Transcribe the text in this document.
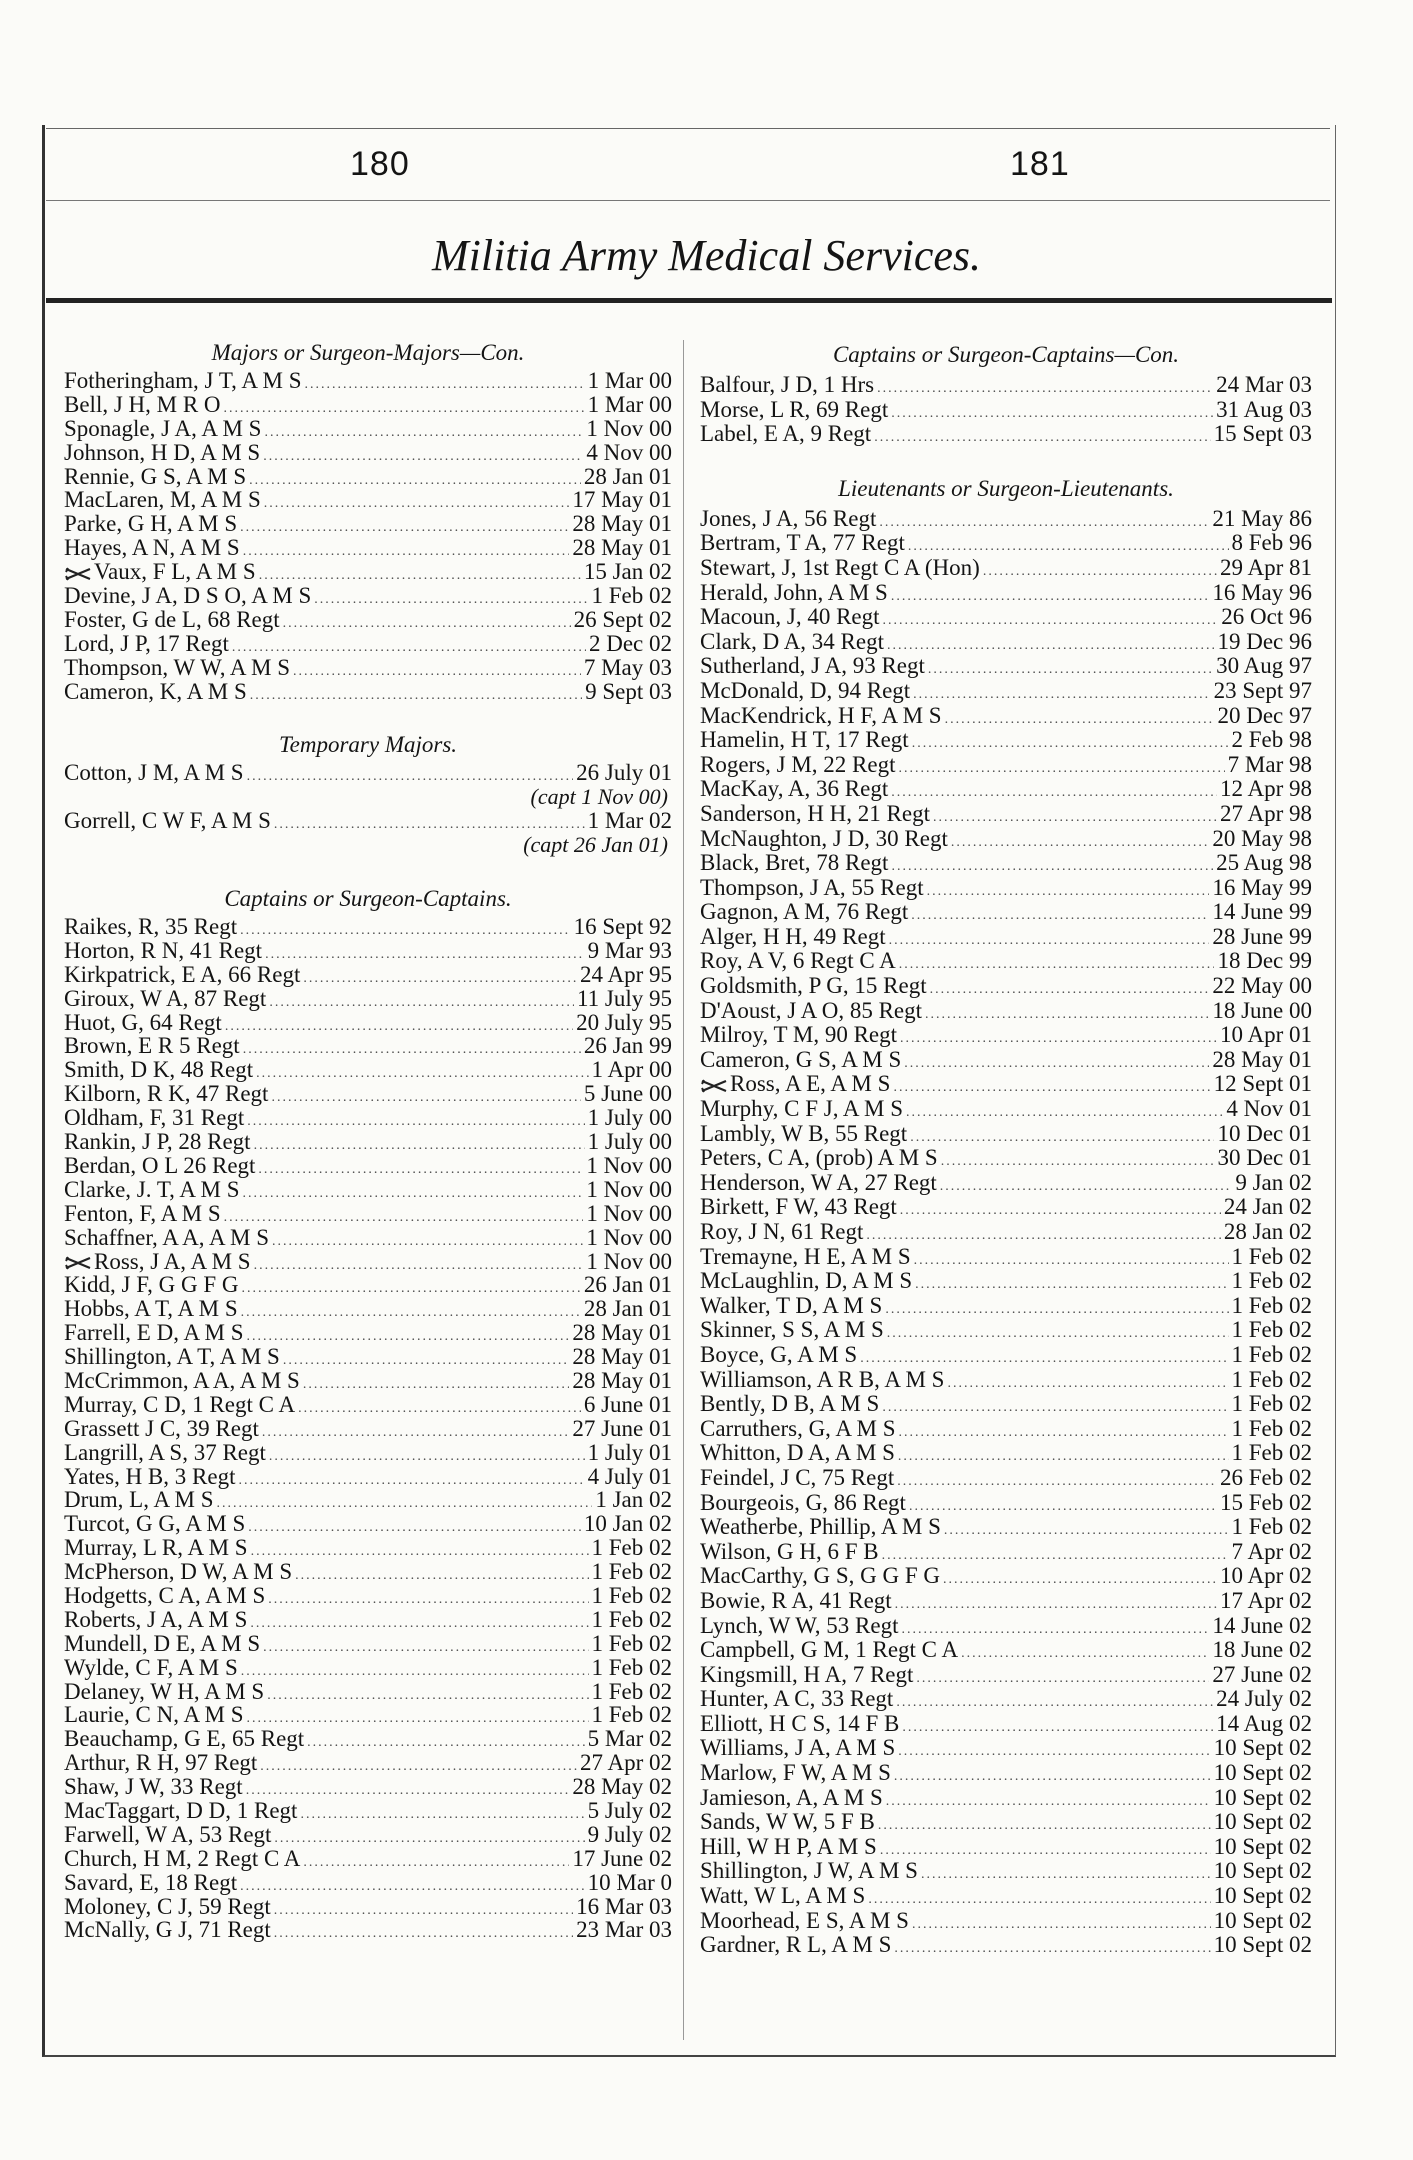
180	181
Militia Army Medical Services.
Majors or Surgeon-Majors—Con.
Fotheringham, J T, A M S .....	1 Mar 00
Bell, J H, M R O .....	1 Mar 00
Sponagle, J A, A M S .....	1 Nov 00
Johnson, H D, A M S .....	4 Nov 00
Rennie, G S, A M S .....	28 Jan 01
MacLaren, M, A M S .....	17 May 01
Parke, G H, A M S .....	28 May 01
Hayes, A N, A M S .....	28 May 01
Vaux, F L, A M S .....	15 Jan 02
Devine, J A, D S O, A M S .....	1 Feb 02
Foster, G de L, 68 Regt .....	26 Sept 02
Lord, J P, 17 Regt .....	2 Dec 02
Thompson, W W, A M S .....	7 May 03
Cameron, K, A M S .....	9 Sept 03
Temporary Majors.
Cotton, J M, A M S .....	26 July 01
(capt 1 Nov 00)
Gorrell, C W F, A M S .....	1 Mar 02
(capt 26 Jan 01)
Captains or Surgeon-Captains.
Raikes, R, 35 Regt .....	16 Sept 92
Horton, R N, 41 Regt .....	9 Mar 93
Kirkpatrick, E A, 66 Regt .....	24 Apr 95
Giroux, W A, 87 Regt .....	11 July 95
Huot, G, 64 Regt .....	20 July 95
Brown, E R 5 Regt .....	26 Jan 99
Smith, D K, 48 Regt .....	1 Apr 00
Kilborn, R K, 47 Regt .....	5 June 00
Oldham, F, 31 Regt .....	1 July 00
Rankin, J P, 28 Regt .....	1 July 00
Berdan, O L 26 Regt .....	1 Nov 00
Clarke, J. T, A M S .....	1 Nov 00
Fenton, F, A M S .....	1 Nov 00
Schaffner, A A, A M S .....	1 Nov 00
Ross, J A, A M S .....	1 Nov 00
Kidd, J F, G G F G .....	26 Jan 01
Hobbs, A T, A M S .....	28 Jan 01
Farrell, E D, A M S .....	28 May 01
Shillington, A T, A M S .....	28 May 01
McCrimmon, A A, A M S .....	28 May 01
Murray, C D, 1 Regt C A .....	6 June 01
Grassett J C, 39 Regt .....	27 June 01
Langrill, A S, 37 Regt .....	1 July 01
Yates, H B, 3 Regt .....	4 July 01
Drum, L, A M S .....	1 Jan 02
Turcot, G G, A M S .....	10 Jan 02
Murray, L R, A M S .....	1 Feb 02
McPherson, D W, A M S .....	1 Feb 02
Hodgetts, C A, A M S .....	1 Feb 02
Roberts, J A, A M S .....	1 Feb 02
Mundell, D E, A M S .....	1 Feb 02
Wylde, C F, A M S .....	1 Feb 02
Delaney, W H, A M S .....	1 Feb 02
Laurie, C N, A M S .....	1 Feb 02
Beauchamp, G E, 65 Regt .....	5 Mar 02
Arthur, R H, 97 Regt .....	27 Apr 02
Shaw, J W, 33 Regt .....	28 May 02
MacTaggart, D D, 1 Regt .....	5 July 02
Farwell, W A, 53 Regt .....	9 July 02
Church, H M, 2 Regt C A .....	17 June 02
Savard, E, 18 Regt .....	10 Mar 0
Moloney, C J, 59 Regt .....	16 Mar 03
McNally, G J, 71 Regt .....	23 Mar 03
Captains or Surgeon-Captains—Con.
Balfour, J D, 1 Hrs .....	24 Mar 03
Morse, L R, 69 Regt .....	31 Aug 03
Label, E A, 9 Regt .....	15 Sept 03
Lieutenants or Surgeon-Lieutenants.
Jones, J A, 56 Regt .....	21 May 86
Bertram, T A, 77 Regt .....	8 Feb 96
Stewart, J, 1st Regt C A (Hon) .....	29 Apr 81
Herald, John, A M S .....	16 May 96
Macoun, J, 40 Regt .....	26 Oct 96
Clark, D A, 34 Regt .....	19 Dec 96
Sutherland, J A, 93 Regt .....	30 Aug 97
McDonald, D, 94 Regt .....	23 Sept 97
MacKendrick, H F, A M S .....	20 Dec 97
Hamelin, H T, 17 Regt .....	2 Feb 98
Rogers, J M, 22 Regt .....	7 Mar 98
MacKay, A, 36 Regt .....	12 Apr 98
Sanderson, H H, 21 Regt .....	27 Apr 98
McNaughton, J D, 30 Regt .....	20 May 98
Black, Bret, 78 Regt .....	25 Aug 98
Thompson, J A, 55 Regt .....	16 May 99
Gagnon, A M, 76 Regt .....	14 June 99
Alger, H H, 49 Regt .....	28 June 99
Roy, A V, 6 Regt C A .....	18 Dec 99
Goldsmith, P G, 15 Regt .....	22 May 00
D'Aoust, J A O, 85 Regt .....	18 June 00
Milroy, T M, 90 Regt .....	10 Apr 01
Cameron, G S, A M S .....	28 May 01
Ross, A E, A M S .....	12 Sept 01
Murphy, C F J, A M S .....	4 Nov 01
Lambly, W B, 55 Regt .....	10 Dec 01
Peters, C A, (prob) A M S .....	30 Dec 01
Henderson, W A, 27 Regt .....	9 Jan 02
Birkett, F W, 43 Regt .....	24 Jan 02
Roy, J N, 61 Regt .....	28 Jan 02
Tremayne, H E, A M S .....	1 Feb 02
McLaughlin, D, A M S .....	1 Feb 02
Walker, T D, A M S .....	1 Feb 02
Skinner, S S, A M S .....	1 Feb 02
Boyce, G, A M S .....	1 Feb 02
Williamson, A R B, A M S .....	1 Feb 02
Bently, D B, A M S .....	1 Feb 02
Carruthers, G, A M S .....	1 Feb 02
Whitton, D A, A M S .....	1 Feb 02
Feindel, J C, 75 Regt .....	26 Feb 02
Bourgeois, G, 86 Regt .....	15 Feb 02
Weatherbe, Phillip, A M S .....	1 Feb 02
Wilson, G H, 6 F B .....	7 Apr 02
MacCarthy, G S, G G F G .....	10 Apr 02
Bowie, R A, 41 Regt .....	17 Apr 02
Lynch, W W, 53 Regt .....	14 June 02
Campbell, G M, 1 Regt C A .....	18 June 02
Kingsmill, H A, 7 Regt .....	27 June 02
Hunter, A C, 33 Regt .....	24 July 02
Elliott, H C S, 14 F B .....	14 Aug 02
Williams, J A, A M S .....	10 Sept 02
Marlow, F W, A M S .....	10 Sept 02
Jamieson, A, A M S .....	10 Sept 02
Sands, W W, 5 F B .....	10 Sept 02
Hill, W H P, A M S .....	10 Sept 02
Shillington, J W, A M S .....	10 Sept 02
Watt, W L, A M S .....	10 Sept 02
Moorhead, E S, A M S .....	10 Sept 02
Gardner, R L, A M S .....	10 Sept 02
